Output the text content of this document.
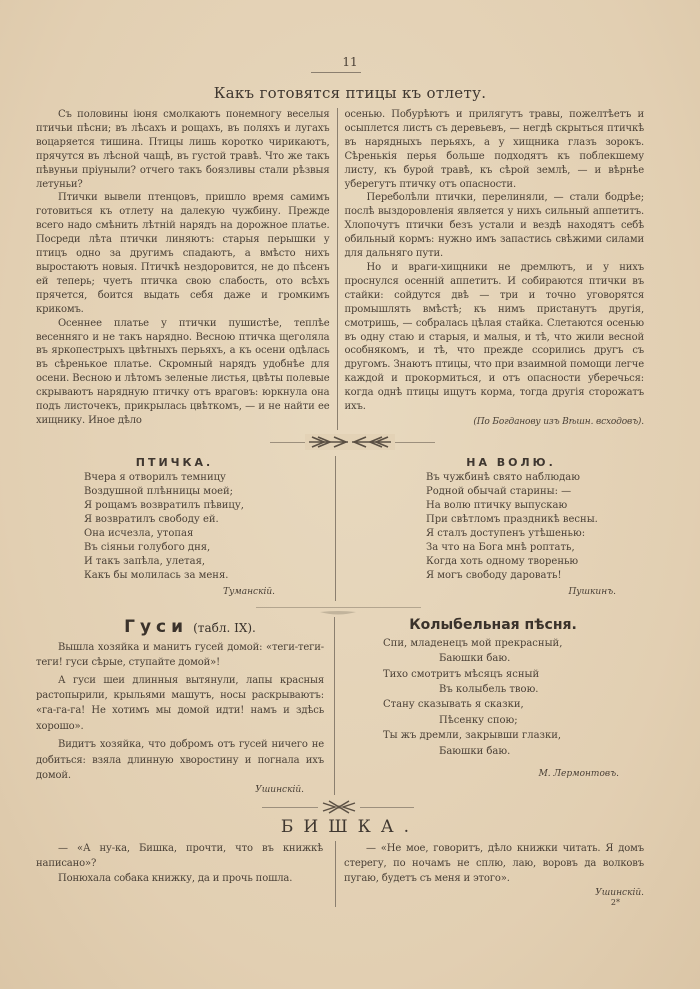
11
Какъ готовятся птицы къ отлету.

Съ половины іюня смолкаютъ понемногу веселыя птичьи пѣсни; въ лѣсахъ и рощахъ, въ поляхъ и лугахъ воцаряется тишина. Птицы лишь коротко чирикаютъ, прячутся въ лѣсной чащѣ, въ густой травѣ. Что же такъ пѣвуньи пріуныли? отчего такъ боязливы стали рѣзвыя летуньи?

Птички вывели птенцовъ, пришло время самимъ готовиться къ отлету на далекую чужбину. Прежде всего надо смѣнить лѣтній нарядъ на дорожное платье. Посреди лѣта птички линяютъ: старыя перышки у птицъ одно за другимъ спадаютъ, а вмѣсто нихъ выростаютъ новыя. Птичкѣ нездоровится, не до пѣсенъ ей теперь; чуетъ птичка свою слабость, ото всѣхъ прячется, боится выдать себя даже и громкимъ крикомъ.

Осеннее платье у птички пушистѣе, теплѣе весенняго и не такъ нарядно. Весною птичка щеголяла въ яркопестрыхъ цвѣтныхъ перьяхъ, а къ осени одѣлась въ сѣренькое платье. Скромный нарядъ удобнѣе для осени. Весною и лѣтомъ зеленые листья, цвѣты полевые скрываютъ нарядную птичку отъ враговъ: юркнула она подъ листочекъ, прикрылась цвѣткомъ, — и не найти ее хищнику. Иное дѣло

осенью. Побурѣютъ и прилягутъ травы, пожелтѣетъ и осыплется листъ съ деревьевъ, — негдѣ скрыться птичкѣ въ нарядныхъ перьяхъ, а у хищника глазъ зорокъ. Сѣренькія перья больше подходятъ къ поблекшему листу, къ бурой травѣ, къ сѣрой землѣ, — и вѣрнѣе уберегутъ птичку отъ опасности.

Переболѣли птички, перелиняли, — стали бодрѣе; послѣ выздоровленія является у нихъ сильный аппетитъ. Хлопочутъ птички безъ устали и вездѣ находятъ себѣ обильный кормъ: нужно имъ запастись свѣжими силами для дальняго пути.

Но и враги-хищники не дремлютъ, и у нихъ проснулся осенній аппетитъ. И собираются птички въ стайки: сойдутся двѣ — три и точно уговорятся промышлять вмѣстѣ; къ нимъ пристанутъ другія, смотришь, — собралась цѣлая стайка. Слетаются осенью въ одну стаю и старыя, и малыя, и тѣ, что жили весной особнякомъ, и тѣ, что прежде ссорились другъ съ другомъ. Знаютъ птицы, что при взаимной помощи легче каждой и прокормиться, и отъ опасности уберечься: когда однѣ птицы ищутъ корма, тогда другія сторожатъ ихъ.

(По Богданову изъ Вѣшн. всходовъ).
ПТИЧКА.
Вчера я отворилъ темницу
Воздушной плѣнницы моей;
Я рощамъ возвратилъ пѣвицу,
Я возвратилъ свободу ей.
Она исчезла, утопая
Въ сіяньи голубого дня,
И такъ запѣла, улетая,
Какъ бы молилась за меня.
Туманскій.
НА ВОЛЮ.
Въ чужбинѣ свято наблюдаю
Родной обычай старины: —
На волю птичку выпускаю
При свѣтломъ праздникѣ весны.
Я сталъ доступенъ утѣшенью:
За что на Бога мнѣ роптать,
Когда хоть одному творенью
Я могъ свободу даровать!
Пушкинъ.
Гуси (табл. IX).

Вышла хозяйка и манитъ гусей домой: «теги-теги-теги! гуси сѣрые, ступайте домой»!

А гуси шеи длинныя вытянули, лапы красныя растопырили, крыльями машутъ, носы раскрываютъ: «га-га-га! Не хотимъ мы домой идти! намъ и здѣсь хорошо».

Видитъ хозяйка, что добромъ отъ гусей ничего не добиться: взяла длинную хворостину и погнала ихъ домой.

Ушинскій.
Колыбельная пѣсня.
Спи, младенецъ мой прекрасный,
Баюшки баю.
Тихо смотритъ мѣсяцъ ясный
Въ колыбель твою.
Стану сказывать я сказки,
Пѣсенку спою;
Ты жъ дремли, закрывши глазки,
Баюшки баю.
М. Лермонтовъ.
БИШКА.

— «А ну-ка, Бишка, прочти, что въ книжкѣ написано»?

Понюхала собака книжку, да и прочь пошла.

— «Не мое, говоритъ, дѣло книжки читать. Я домъ стерегу, по ночамъ не сплю, лаю, воровъ да волковъ пугаю, будетъ съ меня и этого».

Ушинскій.
2*
